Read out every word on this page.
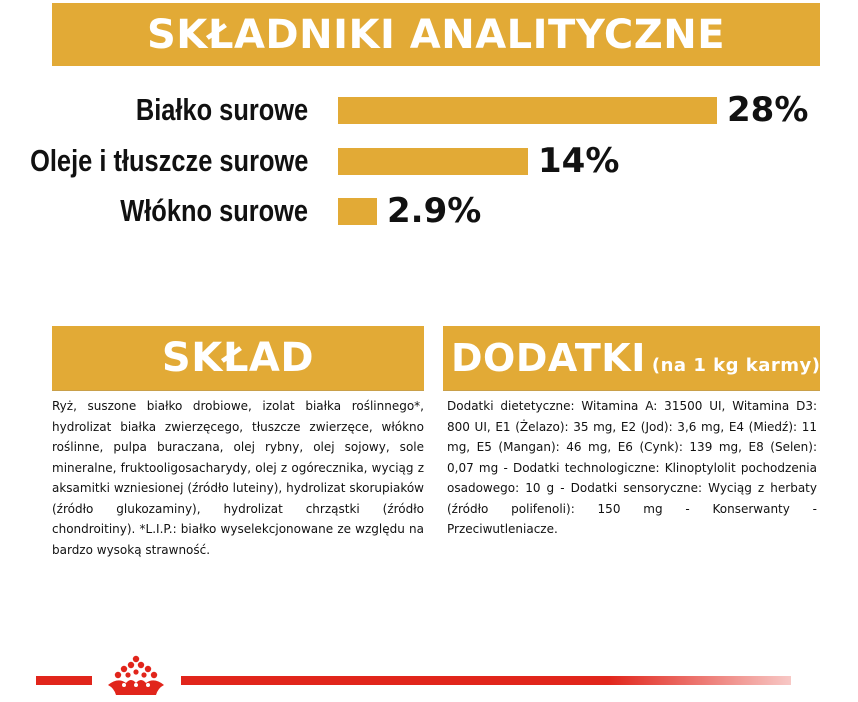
SKŁADNIKI ANALITYCZNE
Białko surowe	28%
Oleje i tłuszcze surowe	14%
Włókno surowe 2.9%
SKŁAD	DODATKI (na 1 kg karmy)
Ryż, suszone białko drobiowe, izolat białka roślinnego*, hydrolizat białka zwierzęcego, tłuszcze zwierzęce, włókno roślinne, pulpa buraczana, olej rybny, olej sojowy, sole mineralne, fruktooligosacharydy, olej z ogórecznika, wyciąg z aksamitki wzniesionej (źródło luteiny), hydrolizat skorupiaków (źródło glukozaminy), hydrolizat chrząstki (źródło chondroitiny). *L.I.P.: białko wyselekcjonowane ze względu na bardzo wysoką strawność.
Dodatki dietetyczne: Witamina A: 31500 UI, Witamina D3: 800 UI, E1 (Żelazo): 35 mg, E2 (Jod): 3,6 mg, E4 (Miedź): 11 mg, E5 (Mangan): 46 mg, E6 (Cynk): 139 mg, E8 (Selen): 0,07 mg - Dodatki technologiczne: Klinoptylolit pochodzenia osadowego: 10 g - Dodatki sensoryczne: Wyciąg z herbaty (źródło polifenoli): 150 mg - Konserwanty - Przeciwutleniacze.
